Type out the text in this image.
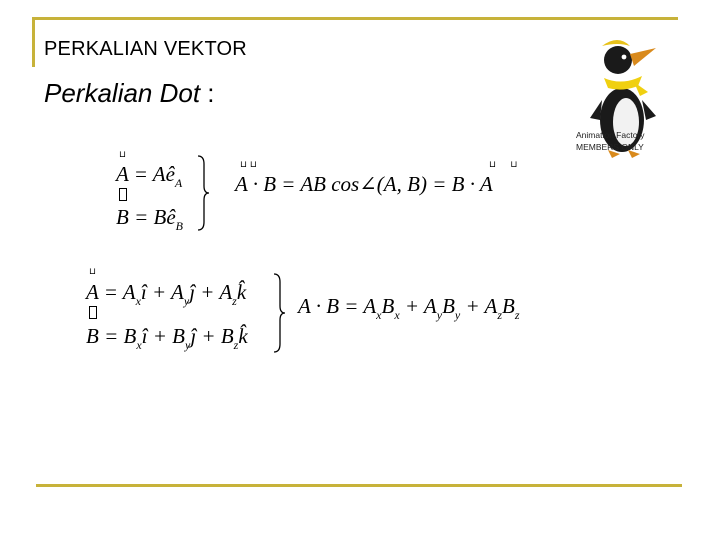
PERKALIAN VEKTOR
Perkalian Dot :
Animation Factory
MEMBERS ONLY
⊔
$A = Aê_A$
$B = Bê_B$
⊔ ⊔	⊔     ⊔
A · B = AB cos∠(A, B) = B · A
⊔
$A = A_xî$ + $A_yĵ$ + $A_zk̂$
$B = B_xî$ + $B_yĵ$ + $B_zk̂$
$A \cdot B = A_xB_x + A_yB_y + A_zB_z$
